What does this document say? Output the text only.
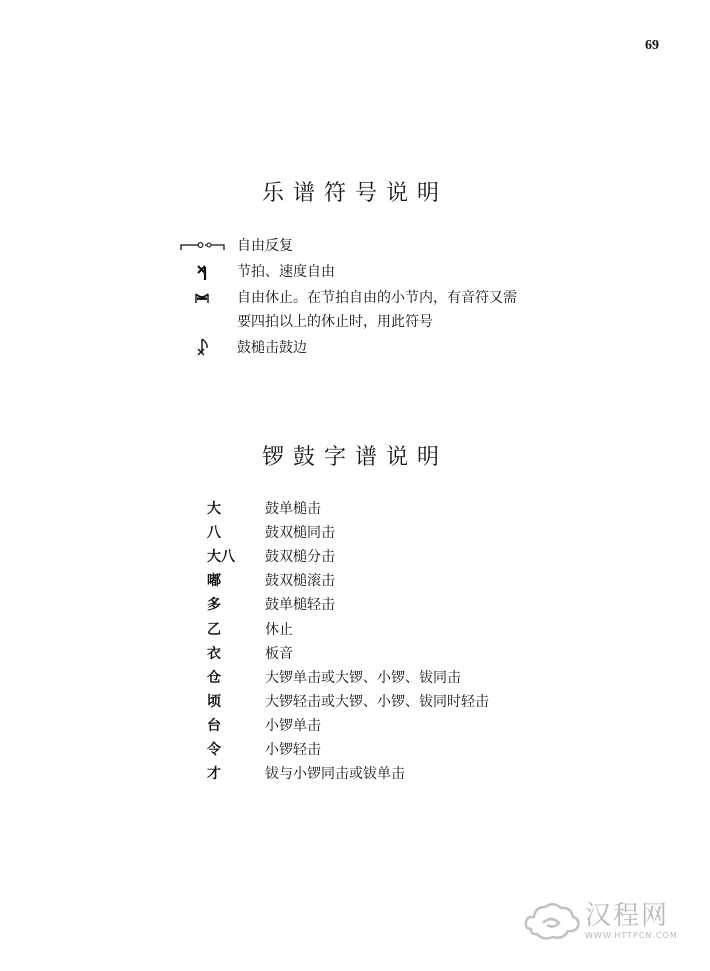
69
乐谱符号说明
自由反复
节拍、速度自由
自由休止。在节拍自由的小节内，有音符又需
要四拍以上的休止时，用此符号
鼓槌击鼓边
锣鼓字谱说明
大	鼓单槌击
八	鼓双槌同击
大八	鼓双槌分击
嘟	鼓双槌滚击
多	鼓单槌轻击
乙	休止
衣	板音
仓	大锣单击或大锣、小锣、钹同击
顷	大锣轻击或大锣、小锣、钹同时轻击
台	小锣单击
令	小锣轻击
才	钹与小锣同击或钹单击
汉程网
WWW.HTTPCN.COM
